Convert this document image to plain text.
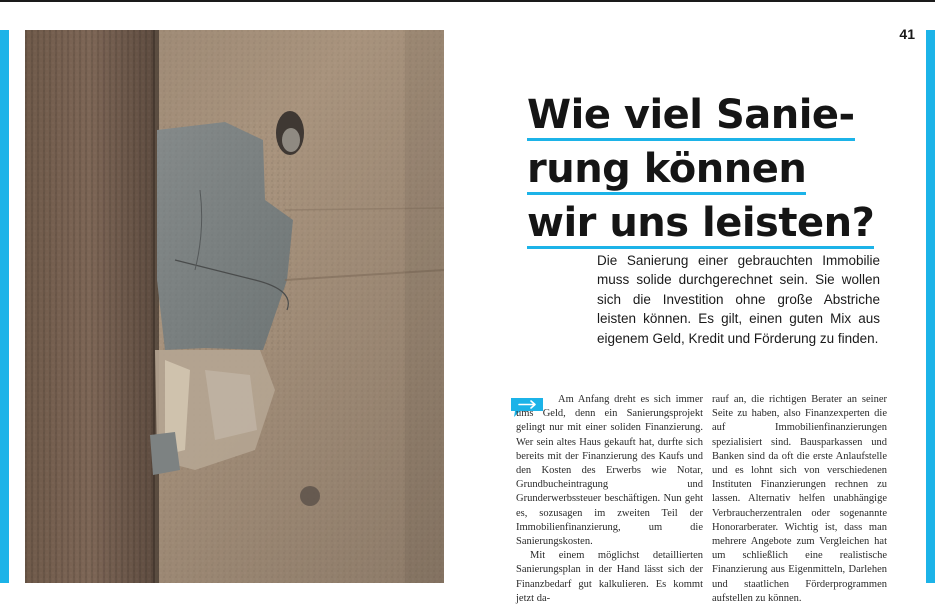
41
Wie viel Sanie-
rung können
wir uns leisten?

Die Sanierung einer gebrauchten Immobilie muss solide durchgerechnet sein. Sie wollen sich die Investition ohne große Abstriche leisten können. Es gilt, einen guten Mix aus eigenem Geld, Kredit und Förderung zu finden.

Am Anfang dreht es sich immer ums Geld, denn ein Sanierungsprojekt gelingt nur mit einer soliden Finanzierung. Wer sein altes Haus gekauft hat, durfte sich bereits mit der Finanzierung des Kaufs und den Kosten des Erwerbs wie Notar, Grundbucheintragung und Grunderwerbssteuer beschäftigen. Nun geht es, sozusagen im zweiten Teil der Immobilienfinanzierung, um die Sanierungskosten.

Mit einem möglichst detaillierten Sanierungsplan in der Hand lässt sich der Finanzbedarf gut kalkulieren. Es kommt jetzt da-

rauf an, die richtigen Berater an seiner Seite zu haben, also Finanzexperten die auf Immobilienfinanzierungen spezialisiert sind. Bausparkassen und Banken sind da oft die erste Anlaufstelle und es lohnt sich von verschiedenen Instituten Finanzierungen rechnen zu lassen. Alternativ helfen unabhängige Verbraucherzentralen oder sogenannte Honorarberater. Wichtig ist, dass man mehrere Angebote zum Vergleichen hat um schließlich eine realistische Finanzierung aus Eigenmitteln, Darlehen und staatlichen Förderprogrammen aufstellen zu können.
